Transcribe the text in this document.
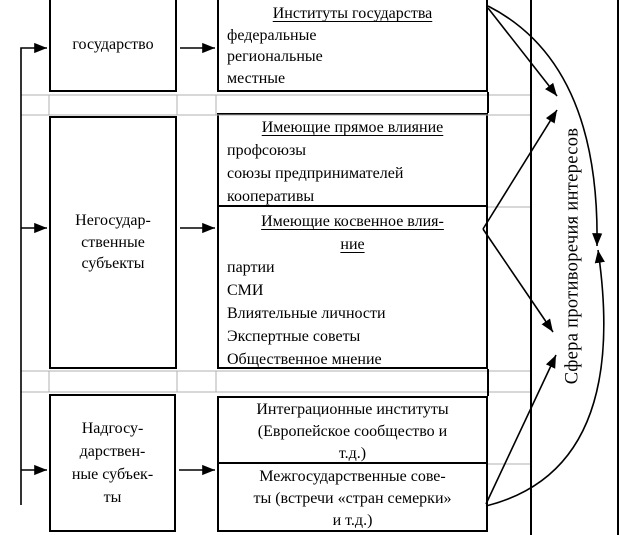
государство
Негосудар-
ственные
субъекты
Надгосу-
дарствен-
ные субъек-
ты
Институты государства
федеральные
региональные
местные
Имеющие прямое влияние
профсоюзы
союзы предпринимателей
кооперативы
Имеющие косвенное влия-
ние
партии
СМИ
Влиятельные личности
Экспертные советы
Общественное мнение
Интеграционные институты
(Европейское сообщество и
т.д.)
Межгосударственные сове-
ты (встречи «стран семерки»
и т.д.)
Сфера противоречия интересов
